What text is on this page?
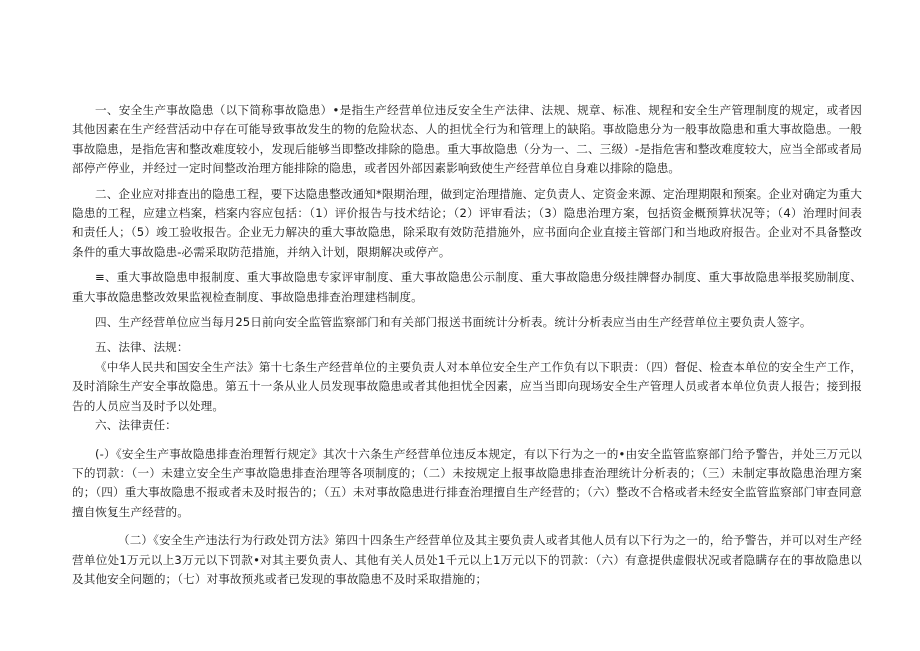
一、安全生产事故隐患（以下简称事故隐患）•是指生产经营单位违反安全生产法律、法规、规章、标准、规程和安全生产管理制度的规定，或者因其他因素在生产经营活动中存在可能导致事故发生的物的危险状态、人的担忧全行为和管理上的缺陷。事故隐患分为一般事故隐患和重大事故隐患。一般事故隐患，是指危害和整改难度较小，发现后能够当即整改排除的隐患。重大事故隐患（分为一、二、三级）-是指危害和整改难度较大，应当全部或者局部停产停业，并经过一定时间整改治理方能排除的隐患，或者因外部因素影响致使生产经营单位自身难以排除的隐患。

二、企业应对排查出的隐患工程，要下达隐患整改通知*限期治理，做到定治理措施、定负责人、定资金来源、定治理期限和预案。企业对确定为重大隐患的工程，应建立档案，档案内容应包括：（1）评价报告与技术结论；（2）评审看法；（3）隐患治理方案，包括资金概预算状况等；（4）治理时间表和责任人；（5）竣工验收报告。企业无力解决的重大事故隐患，除采取有效防范措施外，应书面向企业直接主管部门和当地政府报告。企业对不具备整改条件的重大事故隐患-必需采取防范措施，并纳入计划，限期解决或停产。

≡、重大事故隐患申报制度、重大事故隐患专家评审制度、重大事故隐患公示制度、重大事故隐患分级挂牌督办制度、重大事故隐患举报奖励制度、重大事故隐患整改效果监视检查制度、事故隐患排查治理建档制度。

四、生产经营单位应当每月25日前向安全监管监察部门和有关部门报送书面统计分析表。统计分析表应当由生产经营单位主要负责人签字。

五、法律、法规：

《中华人民共和国安全生产法》第十七条生产经营单位的主要负责人对本单位安全生产工作负有以下职责：（四）督促、检查本单位的安全生产工作，及时消除生产安全事故隐患。第五十一条从业人员发现事故隐患或者其他担忧全因素，应当当即向现场安全生产管理人员或者本单位负责人报告；接到报告的人员应当及时予以处理。

六、法律责任：

(-）《安全生产事故隐患排查治理暂行规定》其次十六条生产经营单位违反本规定，有以下行为之一的•由安全监管监察部门给予警告，并处三万元以下的罚款：（一）未建立安全生产事故隐患排查治理等各项制度的；（二）未按规定上报事故隐患排查治理统计分析表的；（三）未制定事故隐患治理方案的；（四）重大事故隐患不报或者未及时报告的；（五）未对事故隐患进行排查治理擅自生产经营的；（六）整改不合格或者未经安全监管监察部门审查同意擅自恢复生产经营的。

（二）《安全生产违法行为行政处罚方法》第四十四条生产经营单位及其主要负责人或者其他人员有以下行为之一的，给予警告，并可以对生产经营单位处1万元以上3万元以下罚款•对其主要负责人、其他有关人员处1千元以上1万元以下的罚款：（六）有意提供虚假状况或者隐瞒存在的事故隐患以及其他安全问题的；（七）对事故预兆或者已发现的事故隐患不及时采取措施的；
